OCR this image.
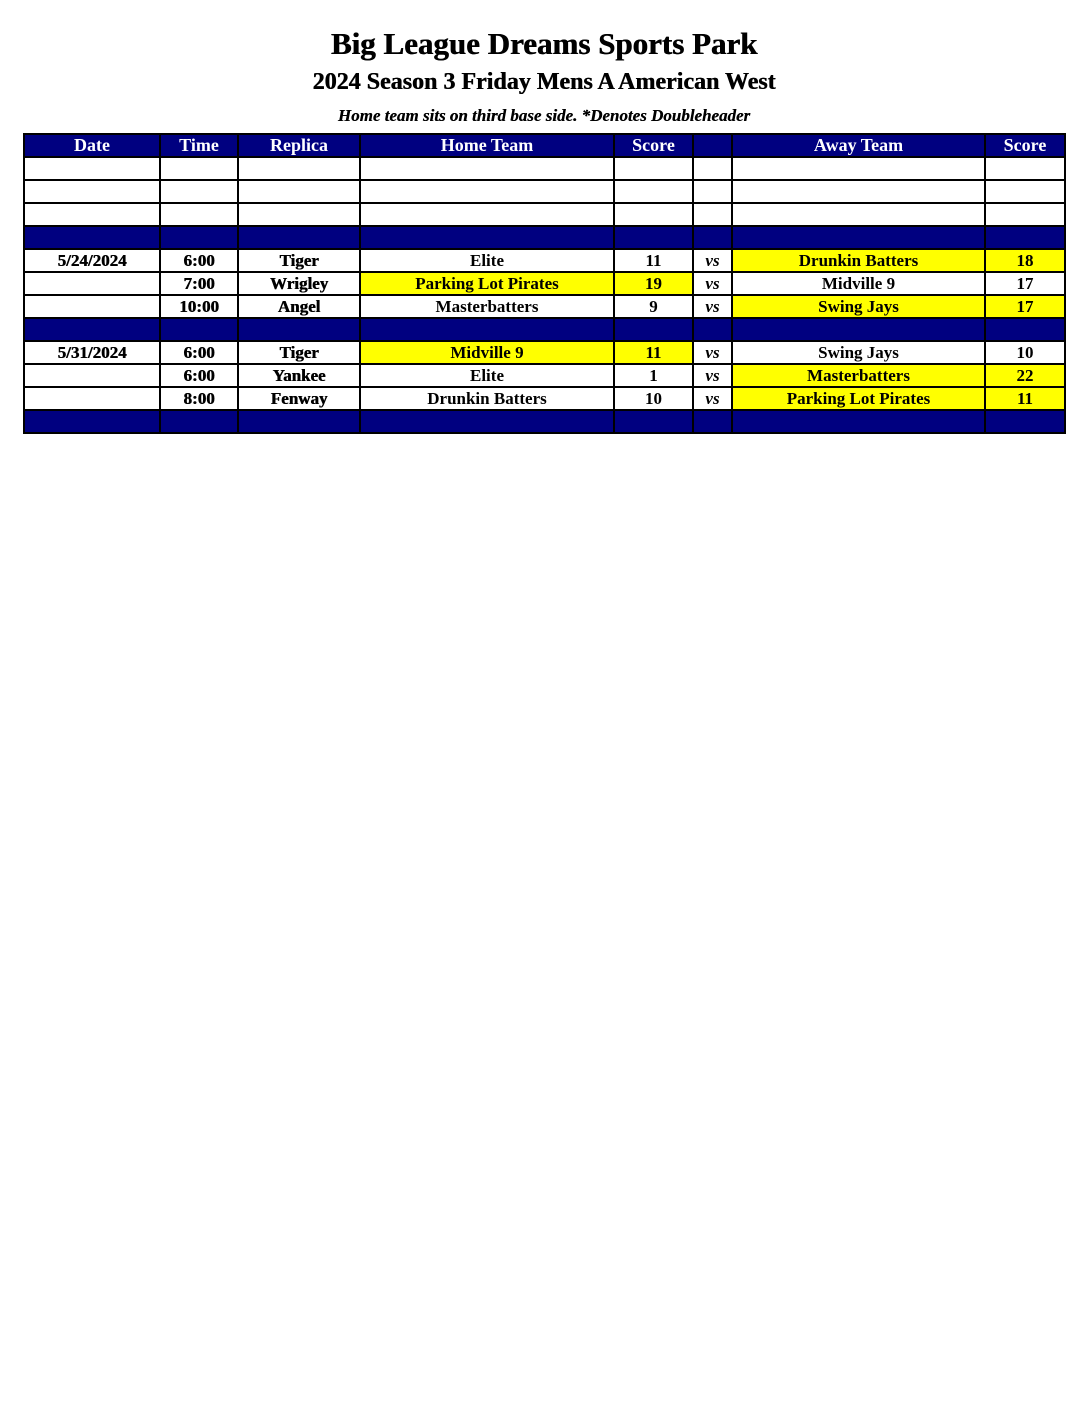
Big League Dreams Sports Park
2024 Season 3 Friday Mens A American West
Home team sits on third base side. *Denotes Doubleheader
Date	Time	Replica	Home Team	Score		Away Team	Score

5/24/2024	6:00	Tiger	Elite	11	vs	Drunkin Batters	18
	7:00	Wrigley	Parking Lot Pirates	19	vs	Midville 9	17
	10:00	Angel	Masterbatters	9	vs	Swing Jays	17

5/31/2024	6:00	Tiger	Midville 9	11	vs	Swing Jays	10
	6:00	Yankee	Elite	1	vs	Masterbatters	22
	8:00	Fenway	Drunkin Batters	10	vs	Parking Lot Pirates	11
